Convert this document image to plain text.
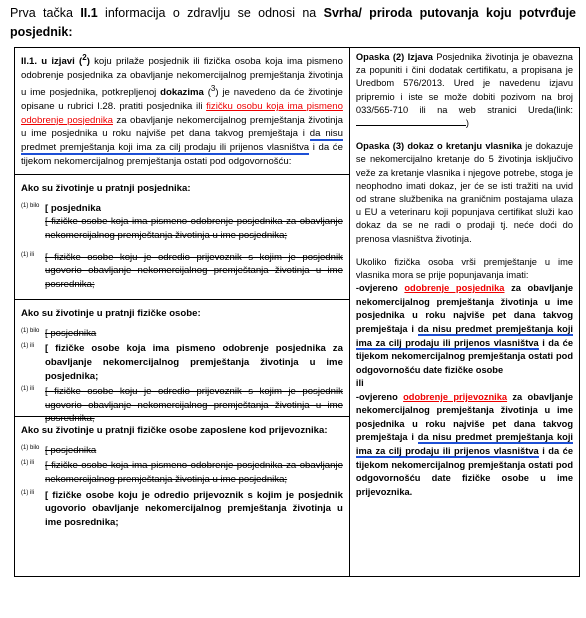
Prva tačka II.1 informacija o zdravlju se odnosi na Svrha/ priroda putovanja koju potvrđuje posjednik:
II.1. u izjavi ($^2$) koju prilaže posjednik ili fizička osoba koja ima pismeno odobrenje posjednika za obavljanje nekomercijalnog premještanja životinja u ime posjednika, potkrepljenoj dokazima ($^3$) je navedeno da će životinje opisane u rubrici I.28. pratiti posjednika ili fizičku osobu koja ima pismeno odobrenje posjednika za obavljanje nekomercijalnog premještanja životinja u ime posjednika u roku najviše pet dana takvog premještaja i da nisu predmet premještanja koji ima za cilj prodaju ili prijenos vlasništva i da će tijekom nekomercijalnog premještanja ostati pod odgovornošću:
Ako su životinje u pratnji posjednika:
(1) bilo [ posjednika
[ fizičke osobe koja ima pismeno odobrenje posjednika za obavljanje nekomercijalnog premještanja životinja u ime posjednika;
(1) ili	[ fizičke osobe koju je odredio prijevoznik s kojim je posjednik ugovorio obavljanje nekomercijalnog premještanja životinja u ime posrednika;
Ako su životinje u pratnji fizičke osobe:
(1) bilo [ posjednika
(1) ili	[ fizičke osobe koja ima pismeno odobrenje posjednika za obavljanje nekomercijalnog premještanja životinja u ime posjednika;
(1) ili	[ fizičke osobe koju je odredio prijevoznik s kojim je posjednik ugovorio obavljanje nekomercijalnog premještanja životinja u ime posrednika;
Ako su životinje u pratnji fizičke osobe zaposlene kod prijevoznika:
(1) bilo [ posjednika
(1) ili	[ fizičke osobe koja ima pismeno odobrenje posjednika za obavljanje nekomercijalnog premještanja životinja u ime posjednika;
(1) ili	[ fizičke osobe koju je odredio prijevoznik s kojim je posjednik ugovorio obavljanje nekomercijalnog premještanja životinja u ime posrednika;

Opaska (2) Izjava Posjednika životinja je obavezna za popuniti i čini dodatak certifikatu, a propisana je Uredbom 576/2013. Ured je navedenu izjavu pripremio i iste se može dobiti pozivom na broj 033/565-710 ili na web stranici Ureda(link:)

Opaska (3) dokaz o kretanju vlasnika je dokazuje se nekomercijalno kretanje do 5 životinja isključivo veže za kretanje vlasnika i njegove potrebe, stoga je neophodno imati dokaz, jer će se isti tražiti na uvid od strane službenika na graničnim postajama ulaza u EU a veterinaru koji popunjava certifikat služi kao dokaz da se ne radi o prodaji tj. neće doći do prenosa vlasništva životinja.

Ukoliko fizička osoba vrši premještanje u ime vlasnika mora se prije popunjavanja imati:

-ovjereno odobrenje posjednika za obavljanje nekomercijalnog premještanja životinja u ime posjednika u roku najviše pet dana takvog premještaja i da nisu predmet premještanja koji ima za cilj prodaju ili prijenos vlasništva i da će tijekom nekomercijalnog premještanja ostati pod odgovornošću date fizičke osobe

ili

-ovjereno odobrenje prijevoznika za obavljanje nekomercijalnog premještanja životinja u ime posjednika u roku najviše pet dana takvog premještaja i da nisu predmet premještanja koji ima za cilj prodaju ili prijenos vlasništva i da će tijekom nekomercijalnog premještanja ostati pod odgovornošću date fizičke osobe u ime prijevoznika.
